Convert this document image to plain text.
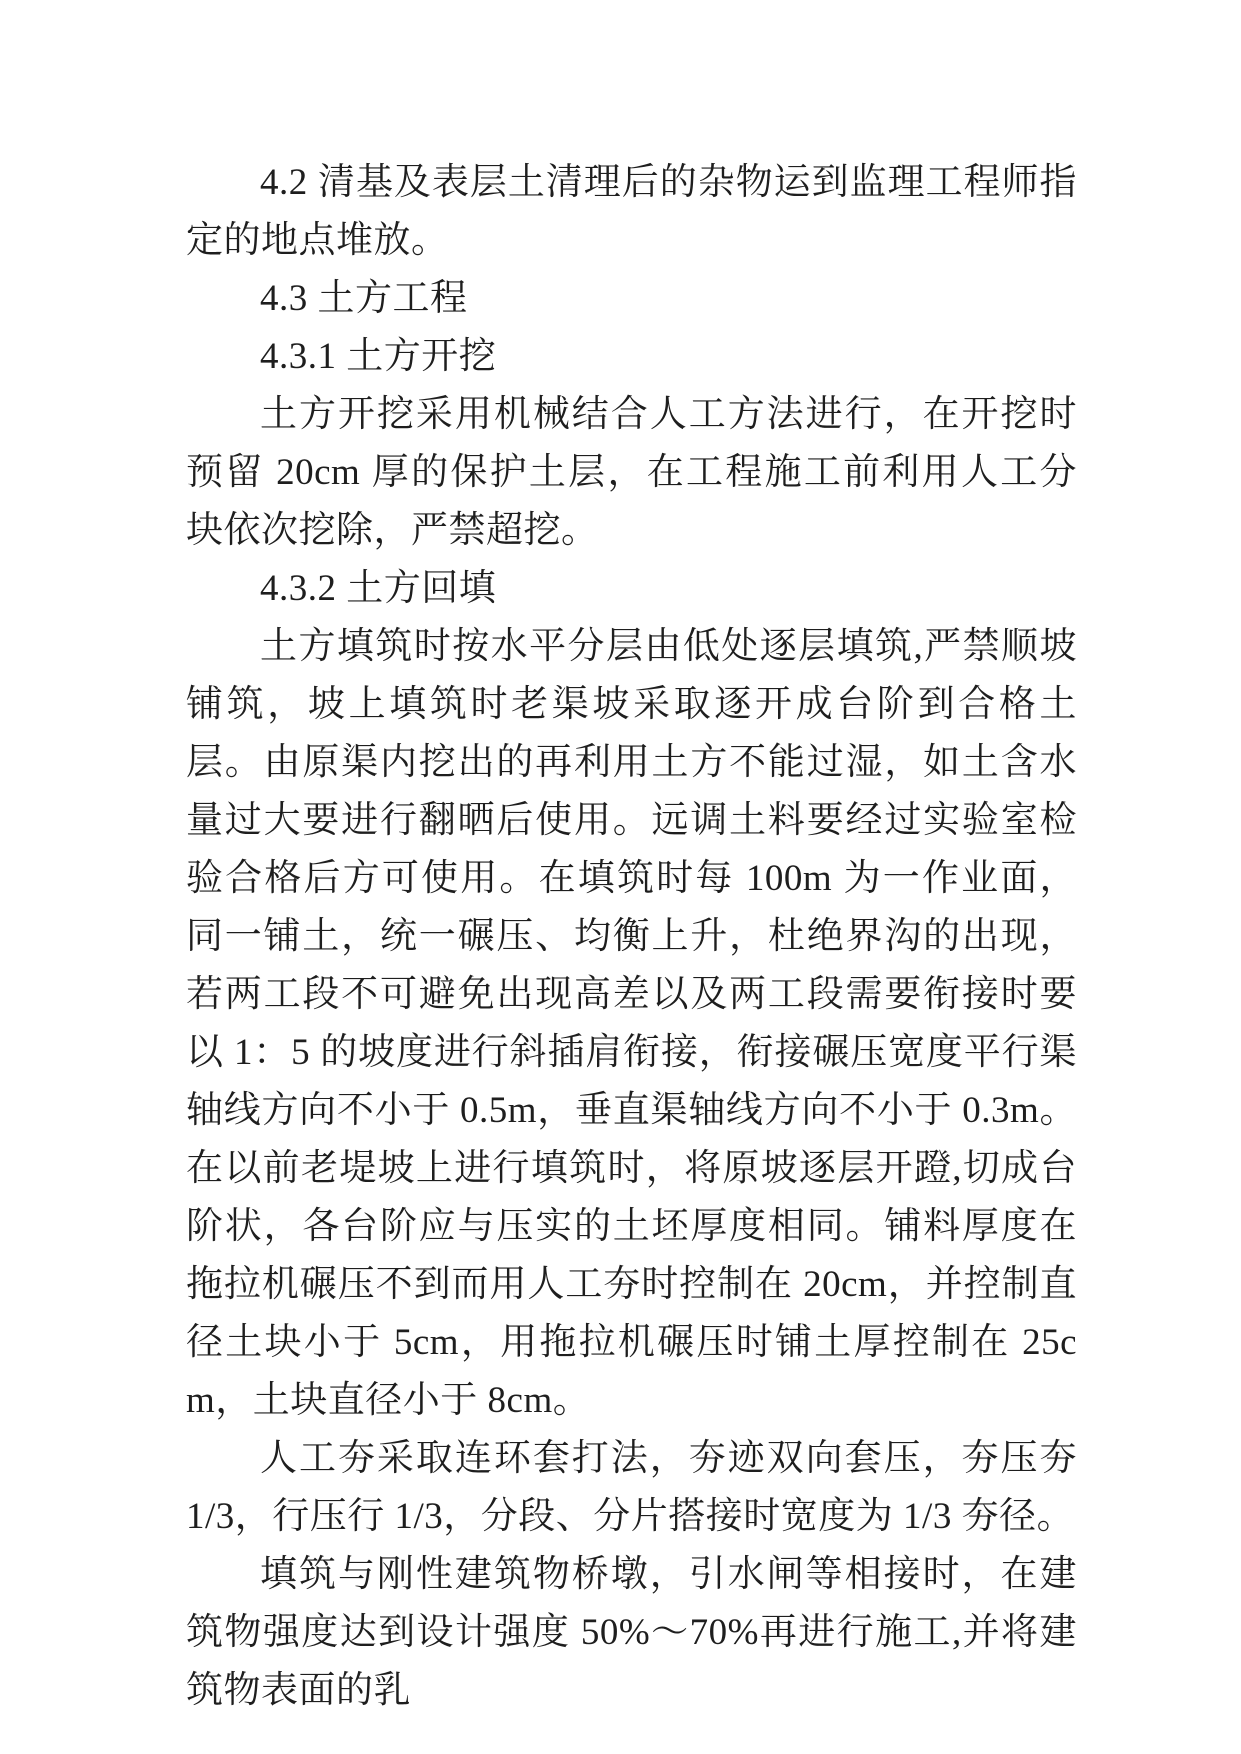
4.2 清基及表层土清理后的杂物运到监理工程师指定的地点堆放。

4.3 土方工程

4.3.1 土方开挖

土方开挖采用机械结合人工方法进行，在开挖时预留 20cm 厚的保护土层，在工程施工前利用人工分块依次挖除，严禁超挖。

4.3.2 土方回填

土方填筑时按水平分层由低处逐层填筑,严禁顺坡铺筑，坡上填筑时老渠坡采取逐开成台阶到合格土层。由原渠内挖出的再利用土方不能过湿，如土含水量过大要进行翻晒后使用。远调土料要经过实验室检验合格后方可使用。在填筑时每 100m 为一作业面，同一铺土，统一碾压、均衡上升，杜绝界沟的出现，若两工段不可避免出现高差以及两工段需要衔接时要以 1：5 的坡度进行斜插肩衔接，衔接碾压宽度平行渠轴线方向不小于 0.5m，垂直渠轴线方向不小于 0.3m。在以前老堤坡上进行填筑时，将原坡逐层开蹬,切成台阶状，各台阶应与压实的土坯厚度相同。铺料厚度在拖拉机碾压不到而用人工夯时控制在 20cm，并控制直径土块小于 5cm，用拖拉机碾压时铺土厚控制在 25cm，土块直径小于 8cm。

人工夯采取连环套打法，夯迹双向套压，夯压夯 1/3，行压行 1/3，分段、分片搭接时宽度为 1/3 夯径。

填筑与刚性建筑物桥墩，引水闸等相接时，在建筑物强度达到设计强度 50%～70%再进行施工,并将建筑物表面的乳
